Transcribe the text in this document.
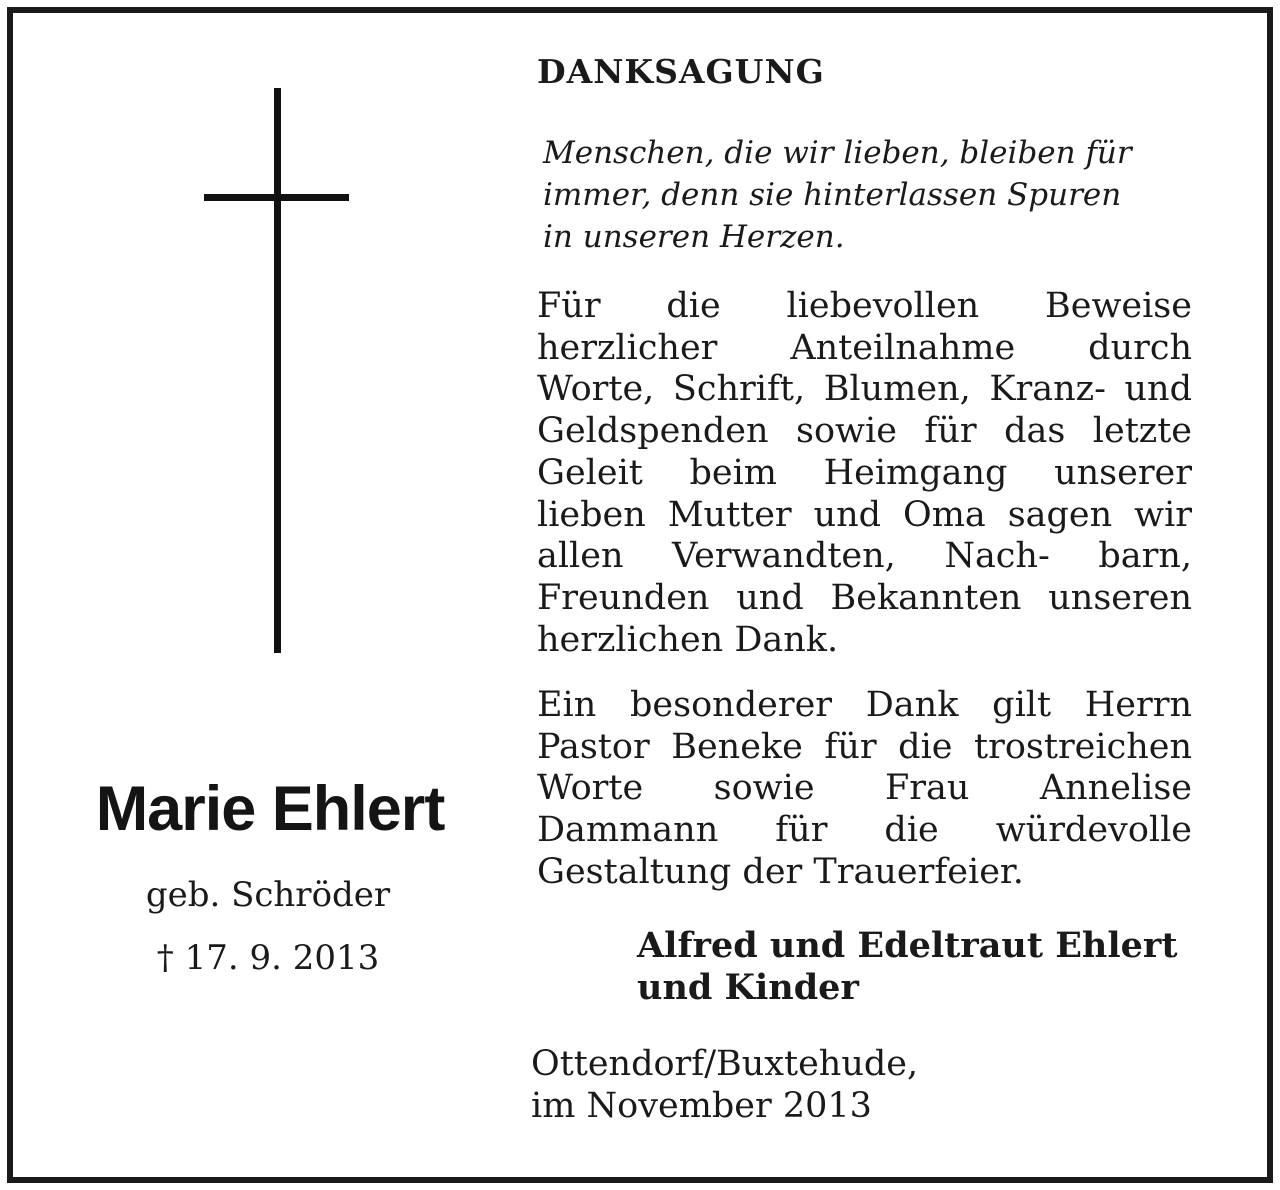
Marie Ehlert

geb. Schröder

† 17. 9. 2013

DANKSAGUNG

Menschen, die wir lieben, bleiben für
immer, denn sie hinterlassen Spuren
in unseren Herzen.

Für die liebevollen Beweise herzlicher Anteilnahme durch Worte, Schrift, Blumen, Kranz- und Geldspenden sowie für das letzte Geleit beim Heimgang unserer lieben Mutter und Oma sagen wir allen Verwandten, Nach- barn, Freunden und Bekannten unseren herzlichen Dank.

Ein besonderer Dank gilt Herrn Pastor Beneke für die trostreichen Worte sowie Frau Annelise Dammann für die würdevolle Gestaltung der Trauerfeier.

Alfred und Edeltraut Ehlert
und Kinder

Ottendorf/Buxtehude,
im November 2013
